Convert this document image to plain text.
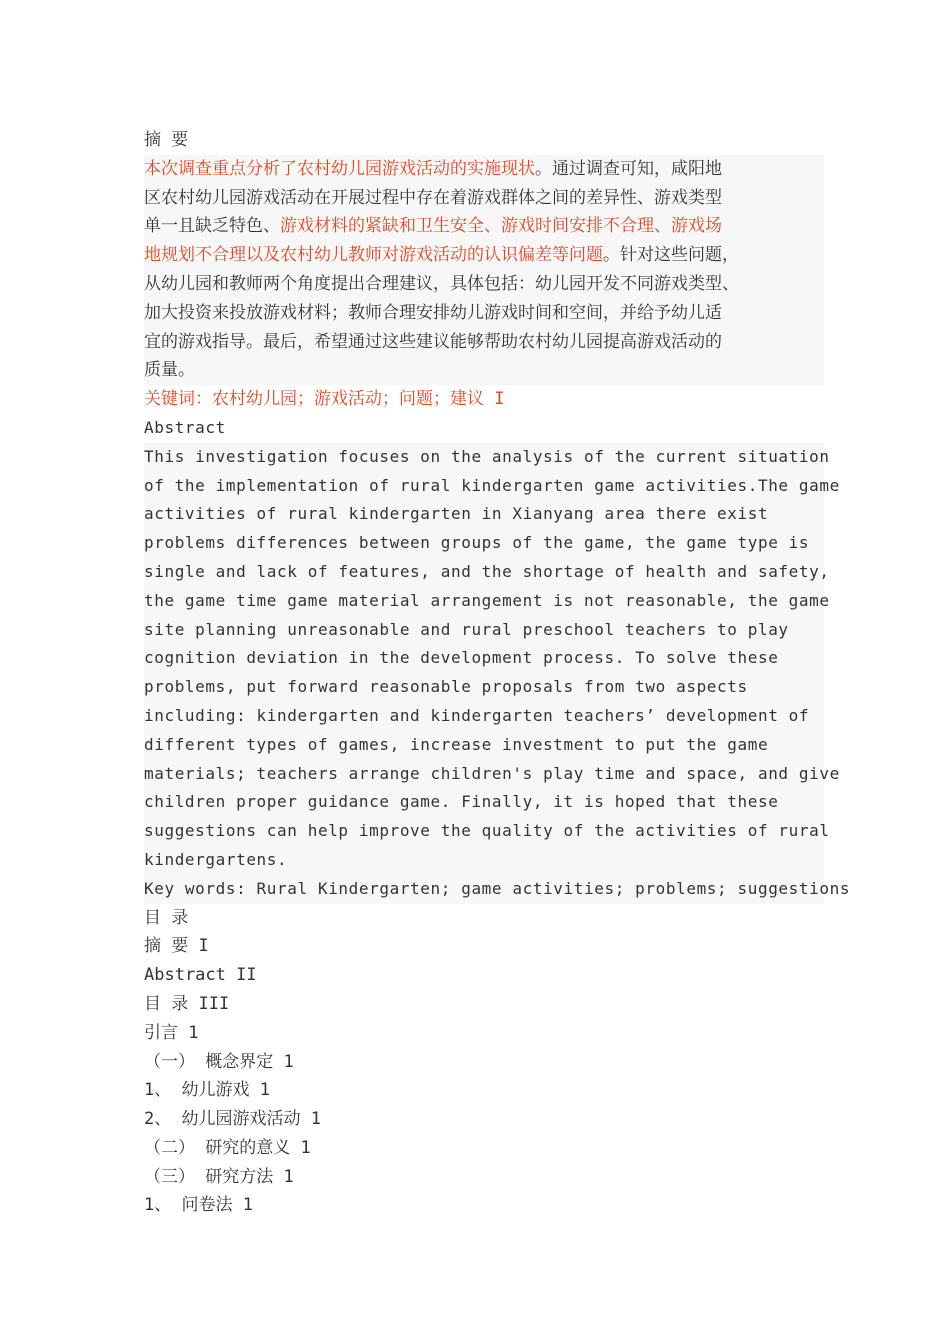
摘 要
本次调查重点分析了农村幼儿园游戏活动的实施现状。通过调查可知，咸阳地
区农村幼儿园游戏活动在开展过程中存在着游戏群体之间的差异性、游戏类型
单一且缺乏特色、游戏材料的紧缺和卫生安全、游戏时间安排不合理、游戏场
地规划不合理以及农村幼儿教师对游戏活动的认识偏差等问题。针对这些问题，
从幼儿园和教师两个角度提出合理建议，具体包括：幼儿园开发不同游戏类型、
加大投资来投放游戏材料；教师合理安排幼儿游戏时间和空间，并给予幼儿适
宜的游戏指导。最后，希望通过这些建议能够帮助农村幼儿园提高游戏活动的
质量。
关键词：农村幼儿园；游戏活动；问题；建议 I
Abstract
This investigation focuses on the analysis of the current situation
of the implementation of rural kindergarten game activities.The game
activities of rural kindergarten in Xianyang area there exist
problems differences between groups of the game, the game type is
single and lack of features, and the shortage of health and safety,
the game time game material arrangement is not reasonable, the game
site planning unreasonable and rural preschool teachers to play
cognition deviation in the development process. To solve these
problems, put forward reasonable proposals from two aspects
including: kindergarten and kindergarten teachers’ development of
different types of games, increase investment to put the game
materials; teachers arrange children's play time and space, and give
children proper guidance game. Finally, it is hoped that these
suggestions can help improve the quality of the activities of rural
kindergartens.
Key words: Rural Kindergarten; game activities; problems; suggestions
目 录
摘 要 I
Abstract II
目 录 III
引言 1
（一） 概念界定 1
1、 幼儿游戏 1
2、 幼儿园游戏活动 1
（二） 研究的意义 1
（三） 研究方法 1
1、 问卷法 1
